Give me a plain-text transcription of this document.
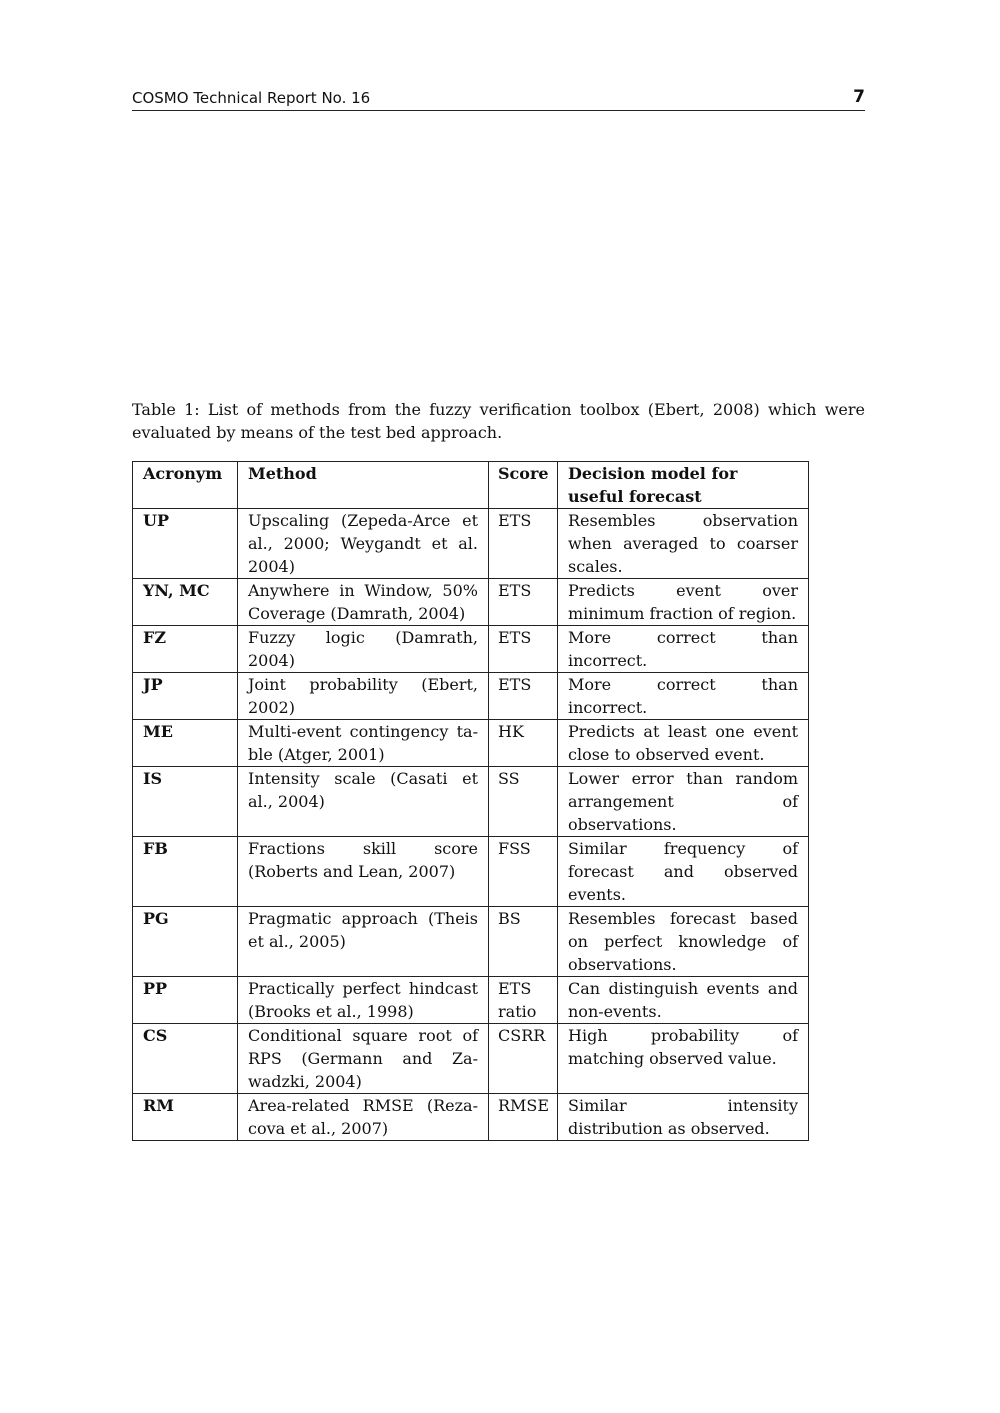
COSMO Technical Report No. 16	7
Table 1: List of methods from the fuzzy verification toolbox (Ebert, 2008) which were evaluated by means of the test bed approach.
Acronym	Method	Score	Decision model for useful forecast
UP	Upscaling (Zepeda-Arce et al., 2000; Weygandt et al. 2004)	ETS	Resembles observation when averaged to coarser scales.
YN, MC	Anywhere in Window, 50% Coverage (Damrath, 2004)	ETS	Predicts event over minimum fraction of region.
FZ	Fuzzy logic (Damrath, 2004)	ETS	More correct than incorrect.
JP	Joint probability (Ebert, 2002)	ETS	More correct than incorrect.
ME	Multi-event contingency table (Atger, 2001)	HK	Predicts at least one event close to observed event.
IS	Intensity scale (Casati et al., 2004)	SS	Lower error than random arrangement of observations.
FB	Fractions skill score (Roberts and Lean, 2007)	FSS	Similar frequency of forecast and observed events.
PG	Pragmatic approach (Theis et al., 2005)	BS	Resembles forecast based on perfect knowledge of observations.
PP	Practically perfect hindcast (Brooks et al., 1998)	ETS ratio	Can distinguish events and non-events.
CS	Conditional square root of RPS (Germann and Zawadzki, 2004)	CSRR	High probability of matching observed value.
RM	Area-related RMSE (Rezacova et al., 2007)	RMSE	Similar intensity distribution as observed.
